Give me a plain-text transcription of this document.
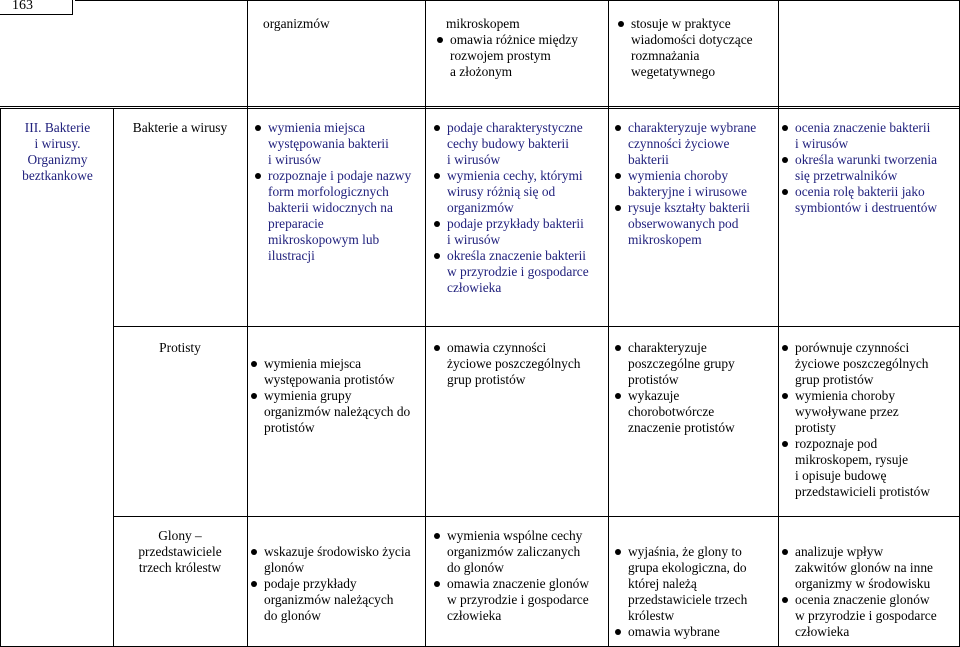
163

organizmów	mikroskopem

omawia różnice między
rozwojem prostym
a złożonym
stosuje w praktyce
wiadomości dotyczące
rozmnażania
wegetatywnego
III. Bakterie
i wirusy.
Organizmy
beztkankowe
Bakterie a wirusy	wymienia miejsca
występowania bakterii
i wirusów
rozpoznaje i podaje nazwy
form morfologicznych
bakterii widocznych na
preparacie
mikroskopowym lub
ilustracji
podaje charakterystyczne
cechy budowy bakterii
i wirusów
wymienia cechy, którymi
wirusy różnią się od
organizmów
podaje przykłady bakterii
i wirusów
określa znaczenie bakterii
w przyrodzie i gospodarce
człowieka
charakteryzuje wybrane
czynności życiowe
bakterii
wymienia choroby
bakteryjne i wirusowe
rysuje kształty bakterii
obserwowanych pod
mikroskopem
ocenia znaczenie bakterii
i wirusów
określa warunki tworzenia
się przetrwalników
ocenia rolę bakterii jako
symbiontów i destruentów
Protisty
wymienia miejsca
występowania protistów
wymienia grupy
organizmów należących do
protistów
omawia czynności
życiowe poszczególnych
grup protistów
charakteryzuje
poszczególne grupy
protistów
wykazuje
chorobotwórcze
znaczenie protistów
porównuje czynności
życiowe poszczególnych
grup protistów
wymienia choroby
wywoływane przez
protisty
rozpoznaje pod
mikroskopem, rysuje
i opisuje budowę
przedstawicieli protistów
Glony –
przedstawiciele
trzech królestw
wskazuje środowisko życia
glonów
podaje przykłady
organizmów należących
do glonów
wymienia wspólne cechy
organizmów zaliczanych
do glonów
omawia znaczenie glonów
w przyrodzie i gospodarce
człowieka
wyjaśnia, że glony to
grupa ekologiczna, do
której należą
przedstawiciele trzech
królestw
omawia wybrane
analizuje wpływ
zakwitów glonów na inne
organizmy w środowisku
ocenia znaczenie glonów
w przyrodzie i gospodarce
człowieka
